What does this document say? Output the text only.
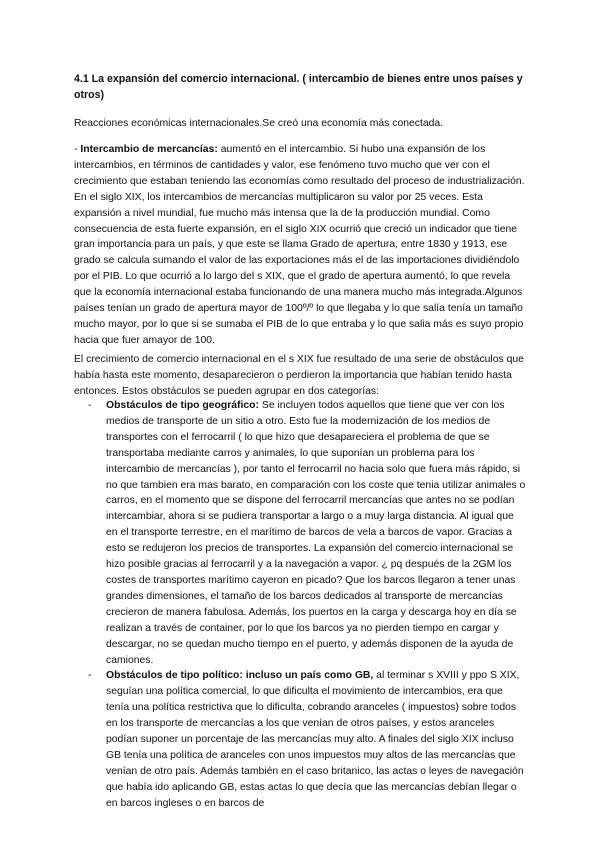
4.1 La expansión del comercio internacional. ( intercambio de bienes entre unos países y otros)
Reacciones económicas internacionales.Se creó una economía más conectada.
- Intercambio de mercancías: aumentó en el intercambio. Si hubo una expansión de los intercambios, en términos de cantidades y valor, ese fenómeno tuvo mucho que ver con el crecimiento que estaban teniendo las economías como resultado del proceso de industrialización. En el siglo XIX, los intercambios de mercancías multiplicaron su valor por 25 veces. Esta expansión a nivel mundial, fue mucho más intensa que la de la producción mundial. Como consecuencia de esta fuerte expansión, en el siglo XIX ocurrió que creció un indicador que tiene gran importancia para un país, y que este se llama Grado de apertura, entre 1830 y 1913, ese grado se calcula sumando el valor de las exportaciones más el de las importaciones dividiéndolo por el PIB. Lo que ocurrió a lo largo del s XIX, que el grado de apertura aumentó, lo que revela que la economía internacional estaba funcionando de una manera mucho más integrada.Algunos países tenían un grado de apertura mayor de 100º/º lo que llegaba y lo que salía tenía un tamaño mucho mayor, por lo que si se sumaba el PIB de lo que entraba y lo que salia más es suyo propio hacia que fuer amayor de 100.
El crecimiento de comercio internacional en el s XIX fue resultado de una serie de obstáculos que había hasta este momento, desaparecieron o perdieron la importancia que habían tenido hasta entonces. Estos obstáculos se pueden agrupar en dos categorías:
- Obstáculos de tipo geográfico: Se incluyen todos aquellos que tiene que ver con los medios de transporte de un sitio a otro. Esto fue la modernización de los medios de transportes con el ferrocarril ( lo que hizo que desapareciera el problema de que se transportaba mediante carros y animales, lo que suponían un problema para los intercambio de mercancías ), por tanto el ferrocarril no hacia solo que fuera más rápido, si no que tambien era mas barato, en comparación con los coste que tenia utilizar animales o carros, en el momento que se dispone del ferrocarril mercancías que antes no se podían intercambiar, ahora si se pudiera transportar a largo o a muy larga distancia. Al igual que en el transporte terrestre, en el marítimo de barcos de vela a barcos de vapor. Gracias a esto se redujeron los precios de transportes. La expansión del comercio internacional se hizo posible gracias al ferrocarril y a la navegación a vapor. ¿ pq después de la 2GM los costes de transportes marítimo cayeron en picado? Que los barcos llegaron a tener unas grandes dimensiones, el tamaño de los barcos dedicados al transporte de mercancías crecieron de manera fabulosa. Además, los puertos en la carga y descarga hoy en día se realizan a través de container, por lo que los barcos ya no pierden tiempo en cargar y descargar, no se quedan mucho tiempo en el puerto, y además disponen de la ayuda de camiones.
- Obstáculos de tipo político: incluso un país como GB, al terminar s XVIII y ppo S XIX, seguían una política comercial, lo que dificulta el movimiento de intercambios, era que tenía una política restrictiva que lo dificulta, cobrando aranceles ( impuestos) sobre todos en los transporte de mercancías a los que venían de otros países, y estos aranceles podían suponer un porcentaje de las mercancías muy alto. A finales del siglo XIX incluso GB tenía una política de aranceles con unos impuestos muy altos de las mercancías que venían de otro país. Además también en el caso britanico, las actas o leyes de navegación que había ido aplicando GB, estas actas lo que decía que las mercancías debían llegar o en barcos ingleses o en barcos de
